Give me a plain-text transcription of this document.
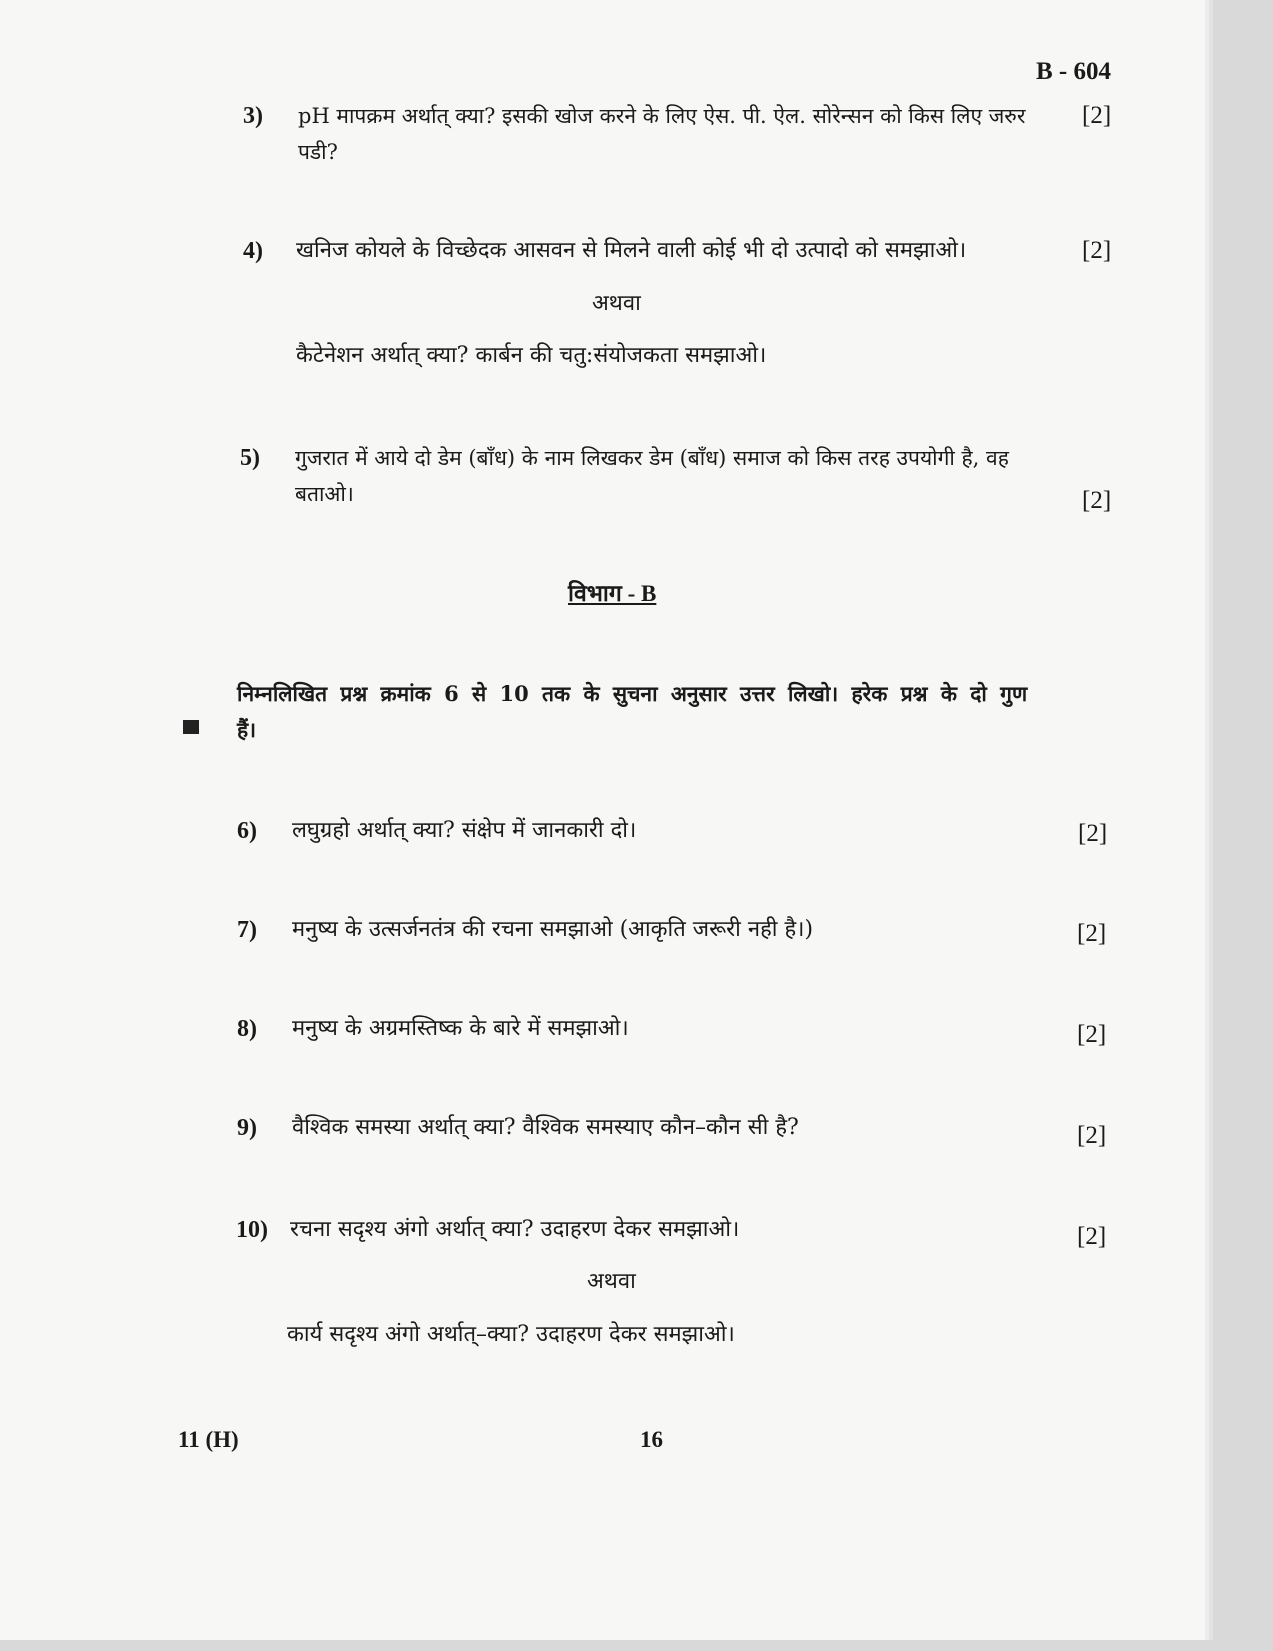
B - 604
3) pH मापक्रम अर्थात् क्या? इसकी खोज करने के लिए ऐस. पी. ऐल. सोरेन्सन को किस लिए जरुर पडी?
[2]
4) खनिज कोयले के विच्छेदक आसवन से मिलने वाली कोई भी दो उत्पादो को समझाओ।	[2]
अथवा
कैटेनेशन अर्थात् क्या? कार्बन की चतु:संयोजकता समझाओ।
5) गुजरात में आये दो डेम (बाँध) के नाम लिखकर डेम (बाँध) समाज को किस तरह उपयोगी है, वह बताओ।	[2]
विभाग - B
निम्नलिखित प्रश्न क्रमांक 6 से 10 तक के सुचना अनुसार उत्तर लिखो। हरेक प्रश्न के दो गुण हैं।
6) लघुग्रहो अर्थात् क्या? संक्षेप में जानकारी दो।	[2]
7) मनुष्य के उत्सर्जनतंत्र की रचना समझाओ (आकृति जरूरी नही है।)	[2]
8) मनुष्य के अग्रमस्तिष्क के बारे में समझाओ।	[2]
9) वैश्विक समस्या अर्थात् क्या? वैश्विक समस्याए कौन–कौन सी है?	[2]
10) रचना सदृश्य अंगो अर्थात् क्या? उदाहरण देकर समझाओ।	[2]
अथवा
कार्य सदृश्य अंगो अर्थात्–क्या? उदाहरण देकर समझाओ।
11 (H)	16
